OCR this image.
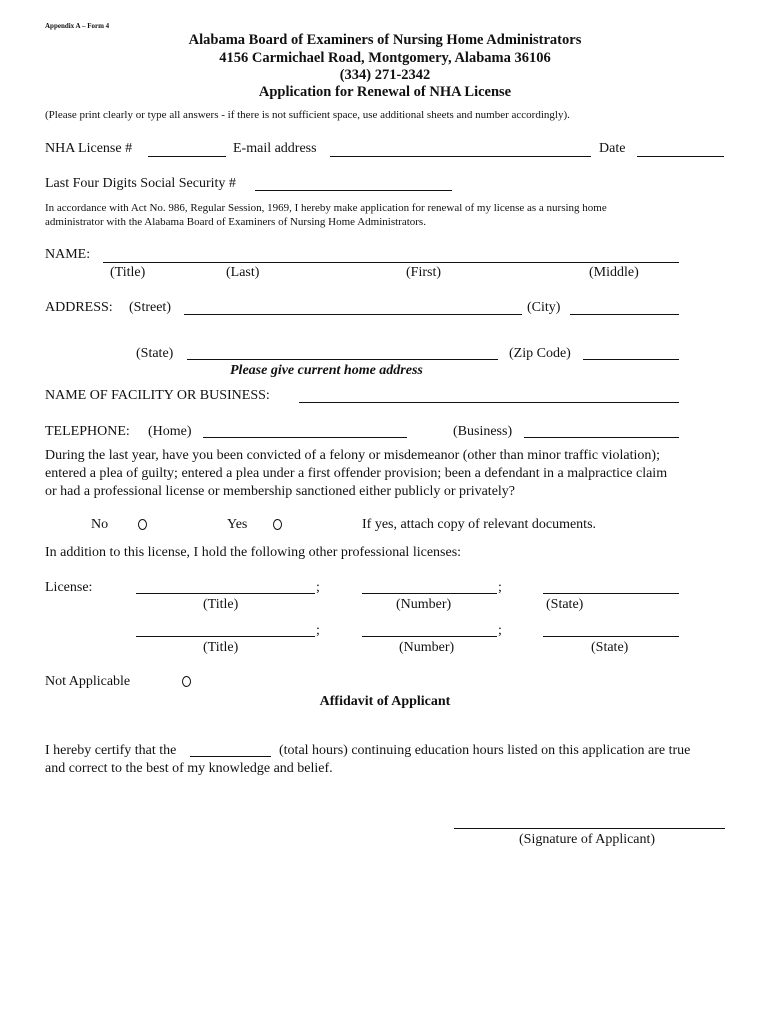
Appendix A – Form 4
Alabama Board of Examiners of Nursing Home Administrators
4156 Carmichael Road, Montgomery, Alabama 36106
(334) 271-2342
Application for Renewal of NHA License
(Please print clearly or type all answers - if there is not sufficient space, use additional sheets and number accordingly).
NHA License #	E-mail address	Date
Last Four Digits Social Security #
In accordance with Act No. 986, Regular Session, 1969, I hereby make application for renewal of my license as a nursing home
administrator with the Alabama Board of Examiners of Nursing Home Administrators.
NAME:
(Title)	(Last)	(First)	(Middle)
ADDRESS: (Street)	(City)
(State)	(Zip Code)
Please give current home address
NAME OF FACILITY OR BUSINESS:
TELEPHONE: (Home)	(Business)
During the last year, have you been convicted of a felony or misdemeanor (other than minor traffic violation);
entered a plea of guilty; entered a plea under a first offender provision; been a defendant in a malpractice claim
or had a professional license or membership sanctioned either publicly or privately?
No	Yes	If yes, attach copy of relevant documents.
In addition to this license, I hold the following other professional licenses:
License:	;	;
(Title)	(Number)	(State)
;	;
(Title)	(Number)	(State)
Not Applicable
Affidavit of Applicant
I hereby certify that the	(total hours) continuing education hours listed on this application are true
and correct to the best of my knowledge and belief.
(Signature of Applicant)
